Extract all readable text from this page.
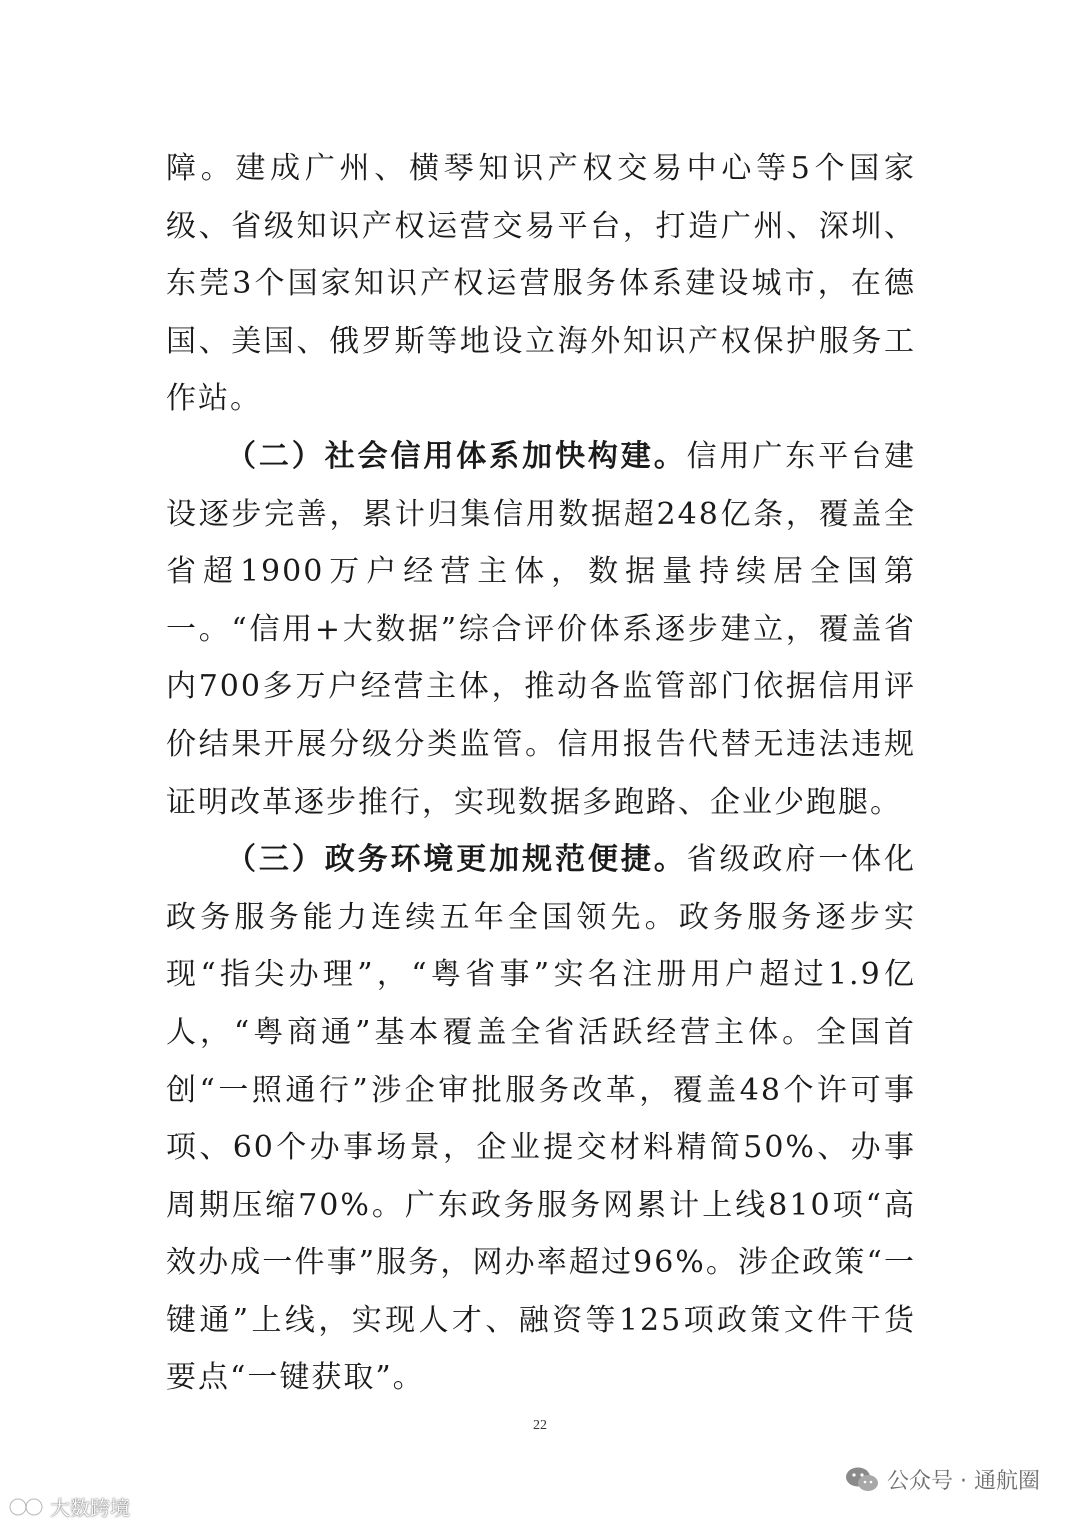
障。建成广州、横琴知识产权交易中心等5个国家级、省级知识产权运营交易平台，打造广州、深圳、东莞3个国家知识产权运营服务体系建设城市，在德国、美国、俄罗斯等地设立海外知识产权保护服务工作站。

（二）社会信用体系加快构建。信用广东平台建设逐步完善，累计归集信用数据超248亿条，覆盖全省超1900万户经营主体，数据量持续居全国第一。“信用+大数据”综合评价体系逐步建立，覆盖省内700多万户经营主体，推动各监管部门依据信用评价结果开展分级分类监管。信用报告代替无违法违规证明改革逐步推行，实现数据多跑路、企业少跑腿。

（三）政务环境更加规范便捷。省级政府一体化政务服务能力连续五年全国领先。政务服务逐步实现“指尖办理”，“粤省事”实名注册用户超过1.9亿人，“粤商通”基本覆盖全省活跃经营主体。全国首创“一照通行”涉企审批服务改革，覆盖48个许可事项、60个办事场景，企业提交材料精简50%、办事周期压缩70%。广东政务服务网累计上线810项“高效办成一件事”服务，网办率超过96%。涉企政策“一键通”上线，实现人才、融资等125项政策文件干货要点“一键获取”。

22
公众号 · 通航圈
大数跨境
